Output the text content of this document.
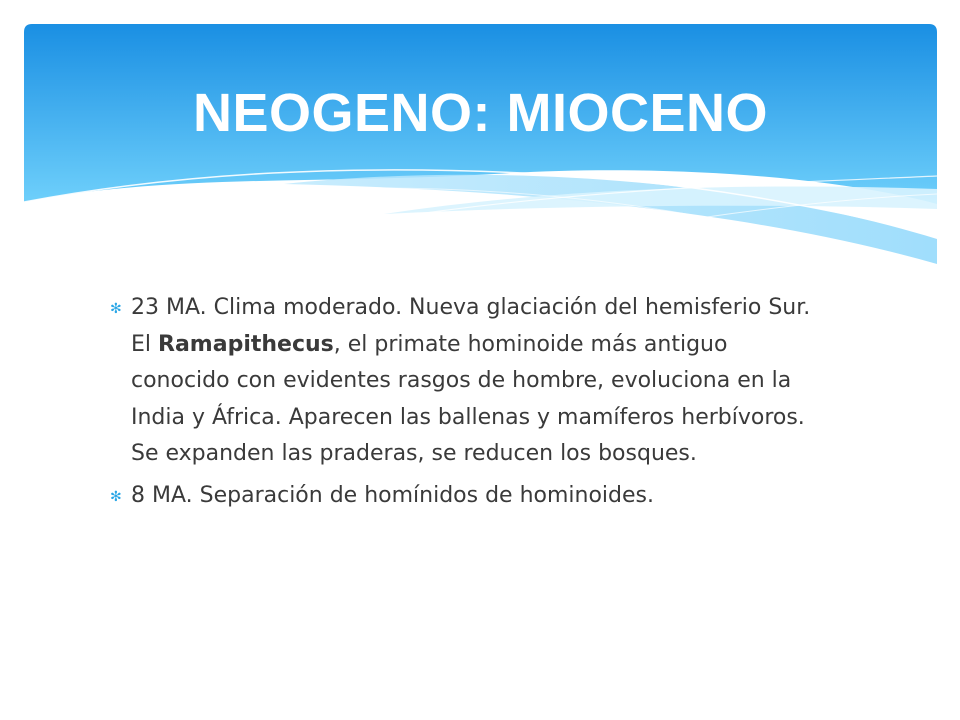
NEOGENO: MIOCENO
✻ 23 MA. Clima moderado. Nueva glaciación del hemisferio Sur. El Ramapithecus, el primate hominoide más antiguo conocido con evidentes rasgos de hombre, evoluciona en la India y África. Aparecen las ballenas y mamíferos herbívoros. Se expanden las praderas, se reducen los bosques.
✻ 8 MA. Separación de homínidos de hominoides.
